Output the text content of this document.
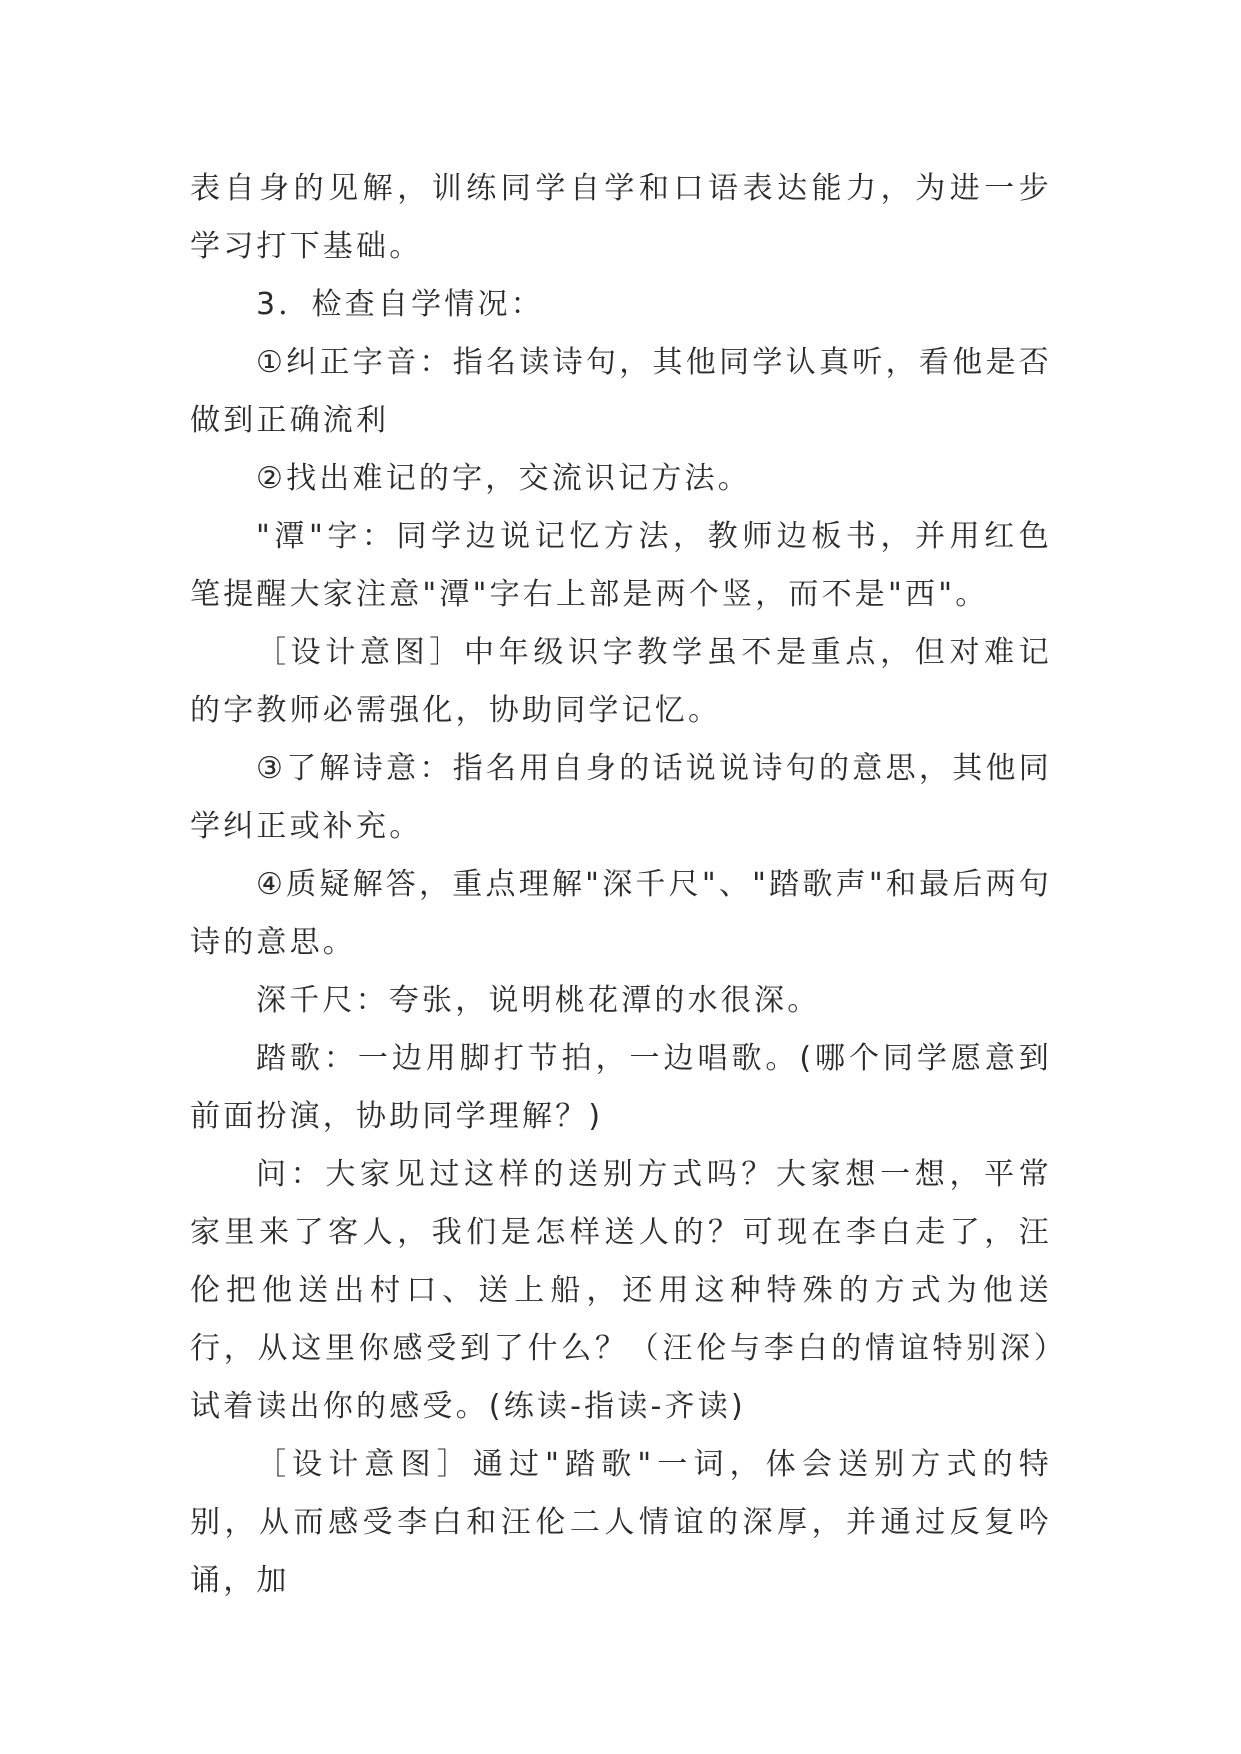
表自身的见解，训练同学自学和口语表达能力，为进一步学习打下基础。

3．检查自学情况：

①纠正字音：指名读诗句，其他同学认真听，看他是否做到正确流利

②找出难记的字，交流识记方法。

"潭"字：同学边说记忆方法，教师边板书，并用红色笔提醒大家注意"潭"字右上部是两个竖，而不是"西"。

［设计意图］中年级识字教学虽不是重点，但对难记的字教师必需强化，协助同学记忆。

③了解诗意：指名用自身的话说说诗句的意思，其他同学纠正或补充。

④质疑解答，重点理解"深千尺"、"踏歌声"和最后两句诗的意思。

深千尺：夸张，说明桃花潭的水很深。

踏歌：一边用脚打节拍，一边唱歌。(哪个同学愿意到前面扮演，协助同学理解？)

问：大家见过这样的送别方式吗？大家想一想，平常家里来了客人，我们是怎样送人的？可现在李白走了，汪伦把他送出村口、送上船，还用这种特殊的方式为他送行，从这里你感受到了什么？（汪伦与李白的情谊特别深）试着读出你的感受。(练读-指读-齐读)

［设计意图］通过"踏歌"一词，体会送别方式的特别，从而感受李白和汪伦二人情谊的深厚，并通过反复吟诵，加
